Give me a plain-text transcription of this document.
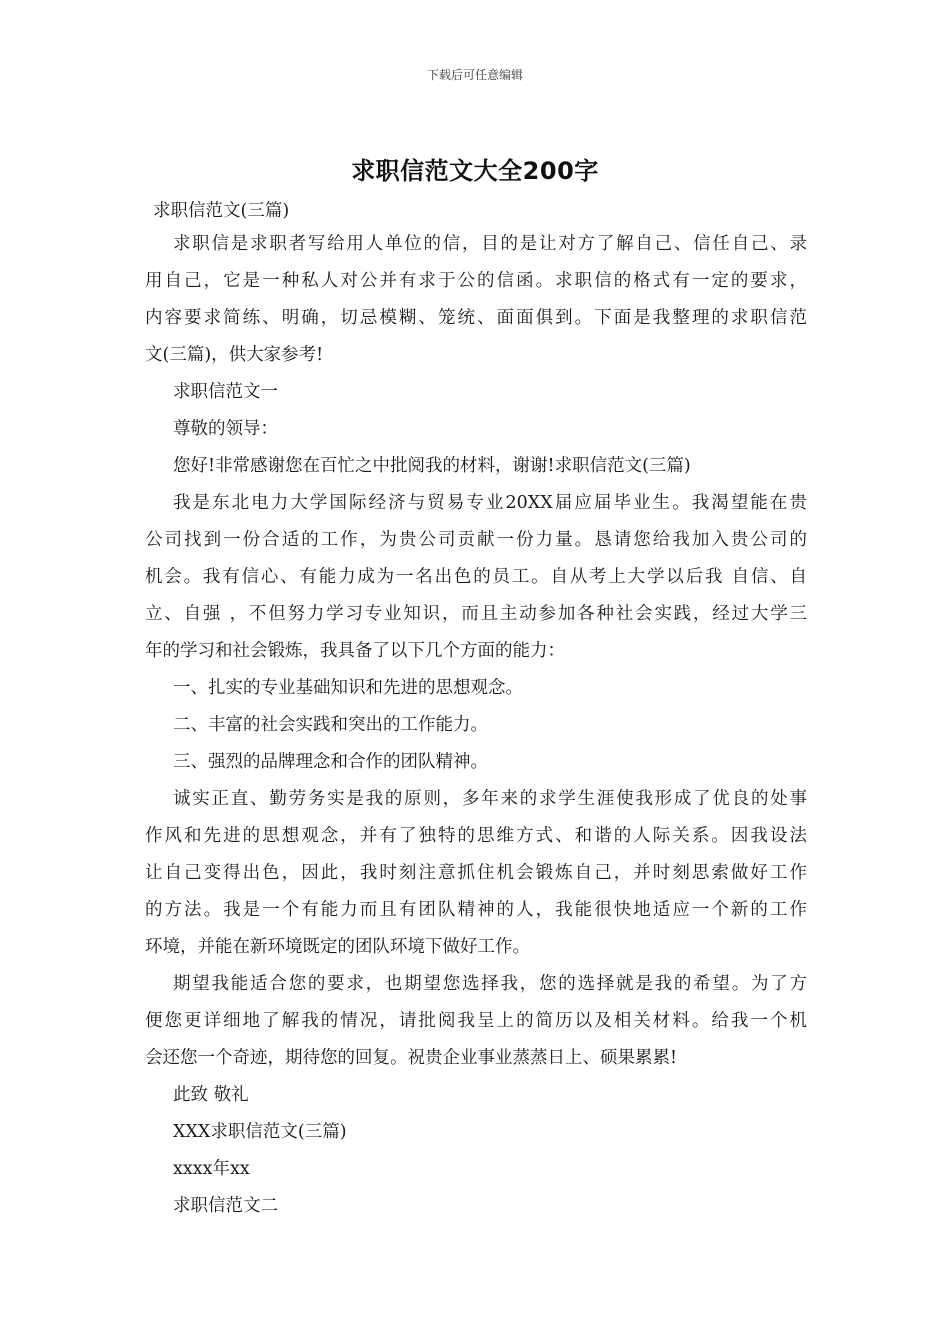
下载后可任意编辑
求职信范文大全200字
求职信范文(三篇)
求职信是求职者写给用人单位的信，目的是让对方了解自己、信任自己、录
用自己，它是一种私人对公并有求于公的信函。求职信的格式有一定的要求，
内容要求简练、明确，切忌模糊、笼统、面面俱到。下面是我整理的求职信范
文(三篇)，供大家参考!
求职信范文一
尊敬的领导：
您好!非常感谢您在百忙之中批阅我的材料，谢谢!求职信范文(三篇)
我是东北电力大学国际经济与贸易专业20XX届应届毕业生。我渴望能在贵
公司找到一份合适的工作，为贵公司贡献一份力量。恳请您给我加入贵公司的
机会。我有信心、有能力成为一名出色的员工。自从考上大学以后我 自信、自
立、自强 ，不但努力学习专业知识，而且主动参加各种社会实践，经过大学三
年的学习和社会锻炼，我具备了以下几个方面的能力：
一、扎实的专业基础知识和先进的思想观念。
二、丰富的社会实践和突出的工作能力。
三、强烈的品牌理念和合作的团队精神。
诚实正直、勤劳务实是我的原则，多年来的求学生涯使我形成了优良的处事
作风和先进的思想观念，并有了独特的思维方式、和谐的人际关系。因我设法
让自己变得出色，因此，我时刻注意抓住机会锻炼自己，并时刻思索做好工作
的方法。我是一个有能力而且有团队精神的人，我能很快地适应一个新的工作
环境，并能在新环境既定的团队环境下做好工作。
期望我能适合您的要求，也期望您选择我，您的选择就是我的希望。为了方
便您更详细地了解我的情况，请批阅我呈上的简历以及相关材料。给我一个机
会还您一个奇迹，期待您的回复。祝贵企业事业蒸蒸日上、硕果累累!
此致 敬礼
XXX求职信范文(三篇)
xxxx年xx
求职信范文二
